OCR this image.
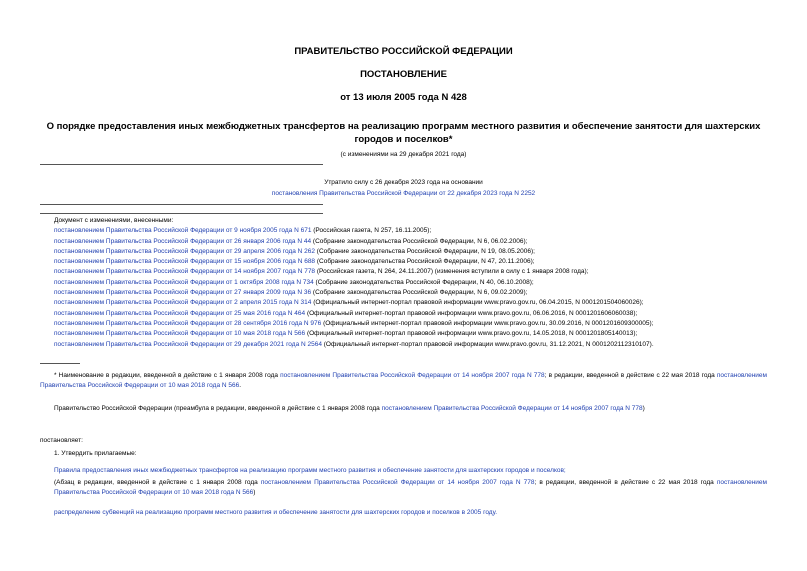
ПРАВИТЕЛЬСТВО РОССИЙСКОЙ ФЕДЕРАЦИИ
ПОСТАНОВЛЕНИЕ
от 13 июля 2005 года N 428
О порядке предоставления иных межбюджетных трансфертов на реализацию программ местного развития и обеспечение занятости для шахтерских городов и поселков*
(с изменениями на 29 декабря 2021 года)
Утратило силу с 26 декабря 2023 года на основании
постановления Правительства Российской Федерации от 22 декабря 2023 года N 2252
Документ с изменениями, внесенными:
постановлением Правительства Российской Федерации от 9 ноября 2005 года N 671 (Российская газета, N 257, 16.11.2005);
постановлением Правительства Российской Федерации от 26 января 2006 года N 44 (Собрание законодательства Российской Федерации, N 6, 06.02.2006);
постановлением Правительства Российской Федерации от 29 апреля 2006 года N 262 (Собрание законодательства Российской Федерации, N 19, 08.05.2006);
постановлением Правительства Российской Федерации от 15 ноября 2006 года N 688 (Собрание законодательства Российской Федерации, N 47, 20.11.2006);
постановлением Правительства Российской Федерации от 14 ноября 2007 года N 778 (Российская газета, N 264, 24.11.2007) (изменения вступили в силу с 1 января 2008 года);
постановлением Правительства Российской Федерации от 1 октября 2008 года N 734 (Собрание законодательства Российской Федерации, N 40, 06.10.2008);
постановлением Правительства Российской Федерации от 27 января 2009 года N 36 (Собрание законодательства Российской Федерации, N 6, 09.02.2009);
постановлением Правительства Российской Федерации от 2 апреля 2015 года N 314 (Официальный интернет-портал правовой информации www.pravo.gov.ru, 06.04.2015, N 0001201504060026);
постановлением Правительства Российской Федерации от 25 мая 2016 года N 464 (Официальный интернет-портал правовой информации www.pravo.gov.ru, 06.06.2016, N 0001201606060038);
постановлением Правительства Российской Федерации от 28 сентября 2016 года N 976 (Официальный интернет-портал правовой информации www.pravo.gov.ru, 30.09.2016, N 0001201609300005);
постановлением Правительства Российской Федерации от 10 мая 2018 года N 566 (Официальный интернет-портал правовой информации www.pravo.gov.ru, 14.05.2018, N 0001201805140013);
постановлением Правительства Российской Федерации от 29 декабря 2021 года N 2564 (Официальный интернет-портал правовой информации www.pravo.gov.ru, 31.12.2021, N 0001202112310107).
* Наименование в редакции, введенной в действие с 1 января 2008 года постановлением Правительства Российской Федерации от 14 ноября 2007 года N 778; в редакции, введенной в действие с 22 мая 2018 года постановлением Правительства Российской Федерации от 10 мая 2018 года N 566.
Правительство Российской Федерации (преамбула в редакции, введенной в действие с 1 января 2008 года постановлением Правительства Российской Федерации от 14 ноября 2007 года N 778)
постановляет:
1. Утвердить прилагаемые:
Правила предоставления иных межбюджетных трансфертов на реализацию программ местного развития и обеспечение занятости для шахтерских городов и поселков;
(Абзац в редакции, введенной в действие с 1 января 2008 года постановлением Правительства Российской Федерации от 14 ноября 2007 года N 778; в редакции, введенной в действие с 22 мая 2018 года постановлением Правительства Российской Федерации от 10 мая 2018 года N 566)
распределение субвенций на реализацию программ местного развития и обеспечение занятости для шахтерских городов и поселков в 2005 году.
